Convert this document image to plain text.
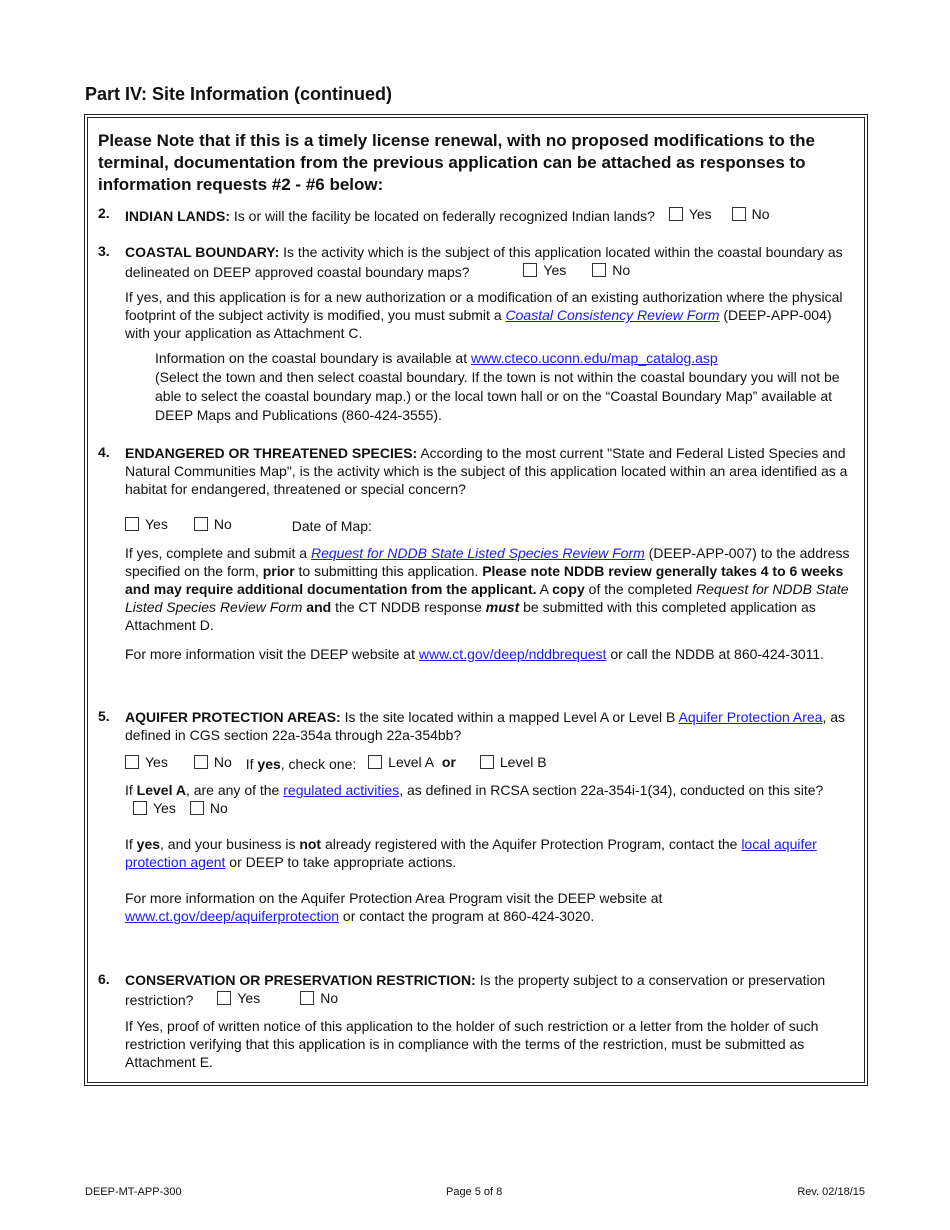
Part IV: Site Information (continued)
Please Note that if this is a timely license renewal, with no proposed modifications to the terminal, documentation from the previous application can be attached as responses to information requests #2 - #6 below:
2. INDIAN LANDS: Is or will the facility be located on federally recognized Indian lands? Yes	No
3. COASTAL BOUNDARY: Is the activity which is the subject of this application located within the coastal boundary as delineated on DEEP approved coastal boundary maps?	Yes	No
If yes, and this application is for a new authorization or a modification of an existing authorization where the physical footprint of the subject activity is modified, you must submit a Coastal Consistency Review Form (DEEP-APP-004) with your application as Attachment C.
Information on the coastal boundary is available at www.cteco.uconn.edu/map_catalog.asp
(Select the town and then select coastal boundary. If the town is not within the coastal boundary you will not be able to select the coastal boundary map.) or the local town hall or on the “Coastal Boundary Map” available at DEEP Maps and Publications (860-424-3555).
4. ENDANGERED OR THREATENED SPECIES: According to the most current "State and Federal Listed Species and Natural Communities Map", is the activity which is the subject of this application located within an area identified as a habitat for endangered, threatened or special concern?
Yes	No	Date of Map:
If yes, complete and submit a Request for NDDB State Listed Species Review Form (DEEP-APP-007) to the address specified on the form, prior to submitting this application. Please note NDDB review generally takes 4 to 6 weeks and may require additional documentation from the applicant. A copy of the completed Request for NDDB State Listed Species Review Form and the CT NDDB response must be submitted with this completed application as Attachment D.
For more information visit the DEEP website at www.ct.gov/deep/nddbrequest or call the NDDB at 860-424-3011.
5. AQUIFER PROTECTION AREAS: Is the site located within a mapped Level A or Level B Aquifer Protection Area, as defined in CGS section 22a-354a through 22a-354bb?
Yes	No If yes, check one: Level A
or	Level B
If Level A, are any of the regulated activities, as defined in RCSA section 22a-354i-1(34), conducted on this site?
Yes No
If yes, and your business is not already registered with the Aquifer Protection Program, contact the local aquifer protection agent or DEEP to take appropriate actions.
For more information on the Aquifer Protection Area Program visit the DEEP website at
www.ct.gov/deep/aquiferprotection or contact the program at 860-424-3020.
6. CONSERVATION OR PRESERVATION RESTRICTION: Is the property subject to a conservation or preservation restriction?	Yes	No
If Yes, proof of written notice of this application to the holder of such restriction or a letter from the holder of such restriction verifying that this application is in compliance with the terms of the restriction, must be submitted as Attachment E.
DEEP-MT-APP-300	Page 5 of 8	Rev. 02/18/15
